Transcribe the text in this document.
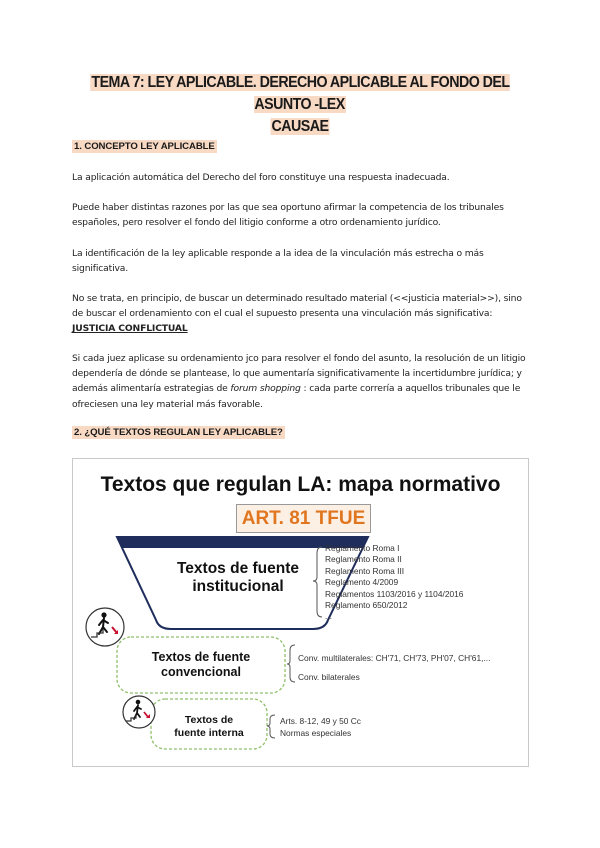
TEMA 7: LEY APLICABLE. DERECHO APLICABLE AL FONDO DEL ASUNTO -LEX
CAUSAE
1. CONCEPTO LEY APLICABLE
La aplicación automática del Derecho del foro constituye una respuesta inadecuada.
Puede haber distintas razones por las que sea oportuno afirmar la competencia de los tribunales españoles, pero resolver el fondo del litigio conforme a otro ordenamiento jurídico.
La identificación de la ley aplicable responde a la idea de la vinculación más estrecha o más significativa.
No se trata, en principio, de buscar un determinado resultado material (<<justicia material>>), sino de buscar el ordenamiento con el cual el supuesto presenta una vinculación más significativa: JUSTICIA CONFLICTUAL
Si cada juez aplicase su ordenamiento jco para resolver el fondo del asunto, la resolución de un litigio dependería de dónde se plantease, lo que aumentaría significativamente la incertidumbre jurídica; y además alimentaría estrategias de forum shopping : cada parte correría a aquellos tribunales que le ofreciesen una ley material más favorable.
2. ¿QUÉ TEXTOS REGULAN LEY APLICABLE?
Textos que regulan LA: mapa normativo
ART. 81 TFUE
Textos de fuente
institucional
Reglamento Roma I
Reglamento Roma II
Reglamento Roma III
Reglamento 4/2009
Reglamentos 1103/2016 y 1104/2016
Reglamento 650/2012
...
Textos de fuente
convencional
Conv. multilaterales: CH'71, CH'73, PH'07, CH'61,...
Conv. bilaterales
Textos de
fuente interna
Arts. 8-12, 49 y 50 Cc
Normas especiales
